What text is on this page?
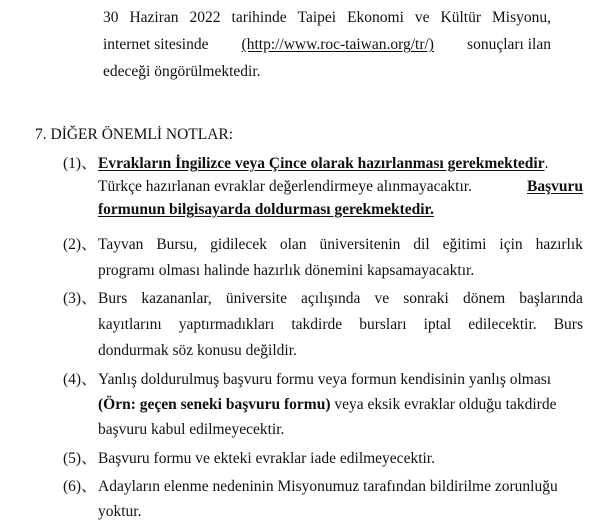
30 Haziran 2022 tarihinde Taipei Ekonomi ve Kültür Misyonu,
internet sitesinde (http://www.roc-taiwan.org/tr/) sonuçları ilan
edeceği öngörülmektedir.
7. DİĞER ÖNEMLİ NOTLAR:
(1)、 Evrakların İngilizce veya Çince olarak hazırlanması gerekmektedir.
Türkçe hazırlanan evraklar değerlendirmeye alınmayacaktır.	Başvuru
formunun bilgisayarda doldurması gerekmektedir.
(2)、 Tayvan Bursu, gidilecek olan üniversitenin dil eğitimi için hazırlık
programı olması halinde hazırlık dönemini kapsamayacaktır.
(3)、 Burs kazananlar, üniversite açılışında ve sonraki dönem başlarında
kayıtlarını yaptırmadıkları takdirde bursları iptal edilecektir. Burs
dondurmak söz konusu değildir.
(4)、 Yanlış doldurulmuş başvuru formu veya formun kendisinin yanlış olması
(Örn: geçen seneki başvuru formu) veya eksik evraklar olduğu takdirde
başvuru kabul edilmeyecektir.
(5)、 Başvuru formu ve ekteki evraklar iade edilmeyecektir.
(6)、 Adayların elenme nedeninin Misyonumuz tarafından bildirilme zorunluğu
yoktur.
